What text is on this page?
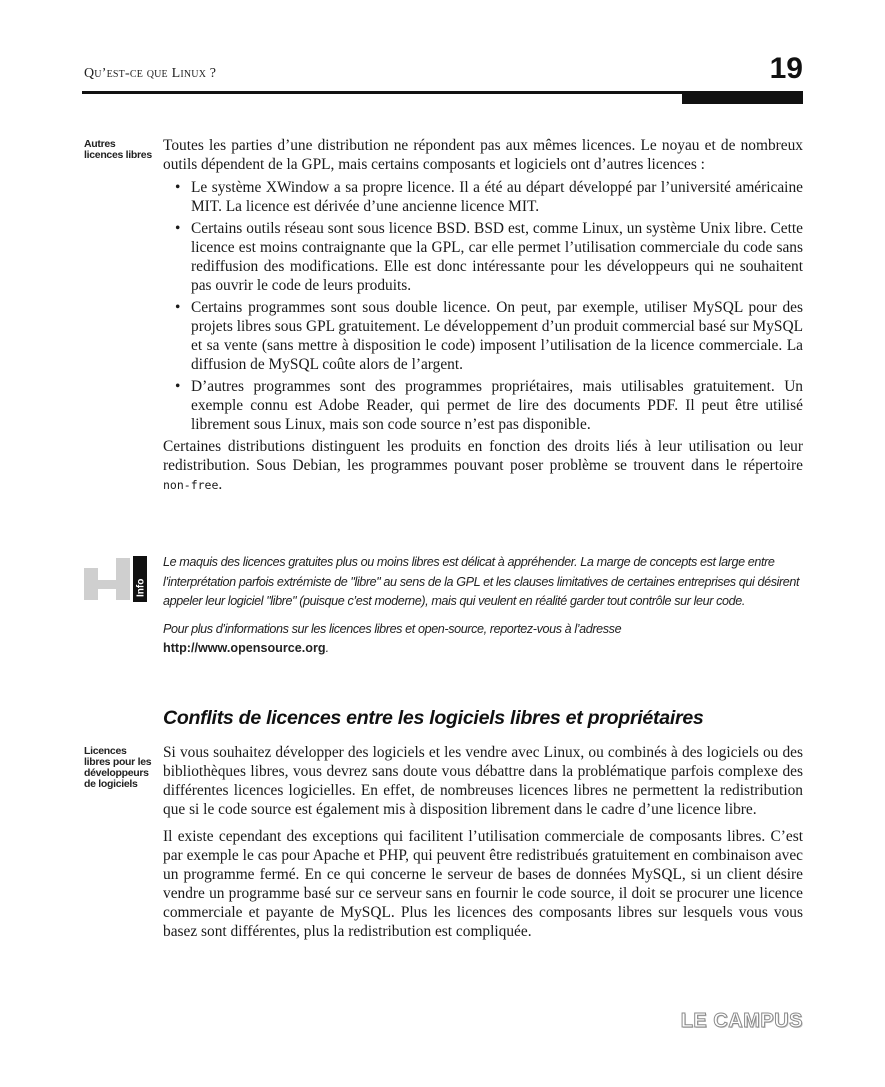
Qu’est-ce que Linux ?	19
Autres licences libres

Toutes les parties d’une distribution ne répondent pas aux mêmes licences. Le noyau et de nombreux outils dépendent de la GPL, mais certains composants et logiciels ont d’autres licences :

• Le système XWindow a sa propre licence. Il a été au départ développé par l’université américaine MIT. La licence est dérivée d’une ancienne licence MIT.
• Certains outils réseau sont sous licence BSD. BSD est, comme Linux, un système Unix libre. Cette licence est moins contraignante que la GPL, car elle permet l’utilisation commerciale du code sans rediffusion des modifications. Elle est donc intéressante pour les développeurs qui ne souhaitent pas ouvrir le code de leurs produits.
• Certains programmes sont sous double licence. On peut, par exemple, utiliser MySQL pour des projets libres sous GPL gratuitement. Le développement d’un produit commercial basé sur MySQL et sa vente (sans mettre à disposition le code) imposent l’utilisation de la licence commerciale. La diffusion de MySQL coûte alors de l’argent.
• D’autres programmes sont des programmes propriétaires, mais utilisables gratuitement. Un exemple connu est Adobe Reader, qui permet de lire des documents PDF. Il peut être utilisé librement sous Linux, mais son code source n’est pas disponible.

Certaines distributions distinguent les produits en fonction des droits liés à leur utilisation ou leur redistribution. Sous Debian, les programmes pouvant poser problème se trouvent dans le répertoire non-free.

Info

Le maquis des licences gratuites plus ou moins libres est délicat à appréhender. La marge de concepts est large entre l’interprétation parfois extrémiste de "libre" au sens de la GPL et les clauses limitatives de certaines entreprises qui désirent appeler leur logiciel "libre" (puisque c’est moderne), mais qui veulent en réalité garder tout contrôle sur leur code.

Pour plus d’informations sur les licences libres et open-source, reportez-vous à l’adresse
http://www.opensource.org.

Conflits de licences entre les logiciels libres et propriétaires
Licences libres pour les développeurs de logiciels

Si vous souhaitez développer des logiciels et les vendre avec Linux, ou combinés à des logiciels ou des bibliothèques libres, vous devrez sans doute vous débattre dans la problématique parfois complexe des différentes licences logicielles. En effet, de nombreuses licences libres ne permettent la redistribution que si le code source est également mis à disposition librement dans le cadre d’une licence libre.

Il existe cependant des exceptions qui facilitent l’utilisation commerciale de composants libres. C’est par exemple le cas pour Apache et PHP, qui peuvent être redistribués gratuitement en combinaison avec un programme fermé. En ce qui concerne le serveur de bases de données MySQL, si un client désire vendre un programme basé sur ce serveur sans en fournir le code source, il doit se procurer une licence commerciale et payante de MySQL. Plus les licences des composants libres sur lesquels vous vous basez sont différentes, plus la redistribution est compliquée.

LE CAMPUS
